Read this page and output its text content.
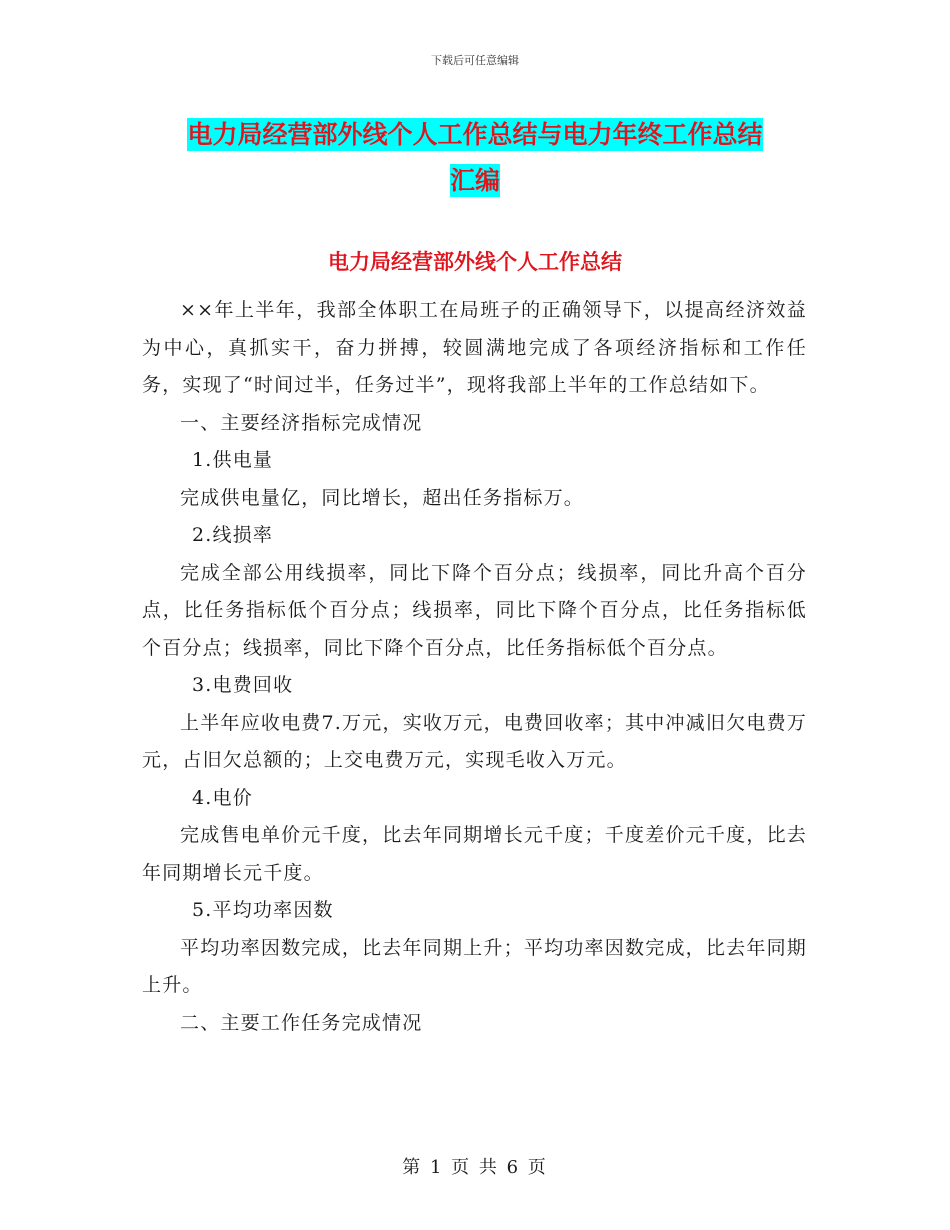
下载后可任意编辑
电力局经营部外线个人工作总结与电力年终工作总结
汇编
电力局经营部外线个人工作总结

××年上半年，我部全体职工在局班子的正确领导下，以提高经济效益为中心，真抓实干，奋力拼搏，较圆满地完成了各项经济指标和工作任务，实现了“时间过半，任务过半”，现将我部上半年的工作总结如下。

一、主要经济指标完成情况

1.供电量

完成供电量亿，同比增长，超出任务指标万。

2.线损率

完成全部公用线损率，同比下降个百分点；线损率，同比升高个百分点，比任务指标低个百分点；线损率，同比下降个百分点，比任务指标低个百分点；线损率，同比下降个百分点，比任务指标低个百分点。

3.电费回收

上半年应收电费7.万元，实收万元，电费回收率；其中冲减旧欠电费万元，占旧欠总额的；上交电费万元，实现毛收入万元。

4.电价

完成售电单价元千度，比去年同期增长元千度；千度差价元千度，比去年同期增长元千度。

5.平均功率因数

平均功率因数完成，比去年同期上升；平均功率因数完成，比去年同期上升。

二、主要工作任务完成情况

第 1 页 共 6 页
